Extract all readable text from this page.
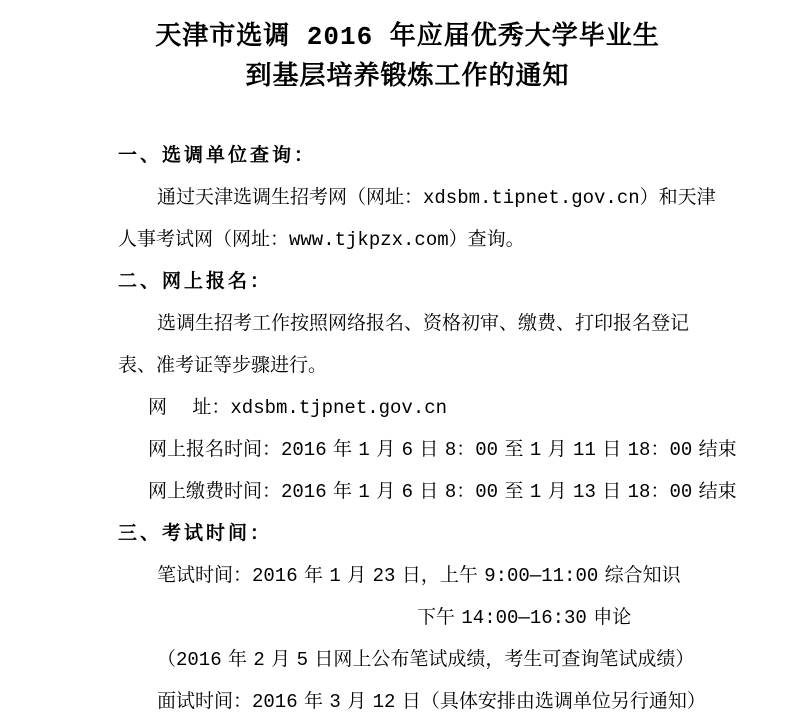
天津市选调 2016 年应届优秀大学毕业生
到基层培养锻炼工作的通知
一、选调单位查询：
通过天津选调生招考网（网址：xdsbm.tipnet.gov.cn）和天津
人事考试网（网址：www.tjkpzx.com）查询。
二、网上报名：
选调生招考工作按照网络报名、资格初审、缴费、打印报名登记
表、准考证等步骤进行。
网　 址：xdsbm.tjpnet.gov.cn
网上报名时间：2016 年 1 月 6 日 8：00 至 1 月 11 日 18：00 结束
网上缴费时间：2016 年 1 月 6 日 8：00 至 1 月 13 日 18：00 结束
三、考试时间：
笔试时间：2016 年 1 月 23 日，上午 9:00—11:00 综合知识
下午 14:00—16:30 申论
（2016 年 2 月 5 日网上公布笔试成绩，考生可查询笔试成绩）
面试时间：2016 年 3 月 12 日（具体安排由选调单位另行通知）
